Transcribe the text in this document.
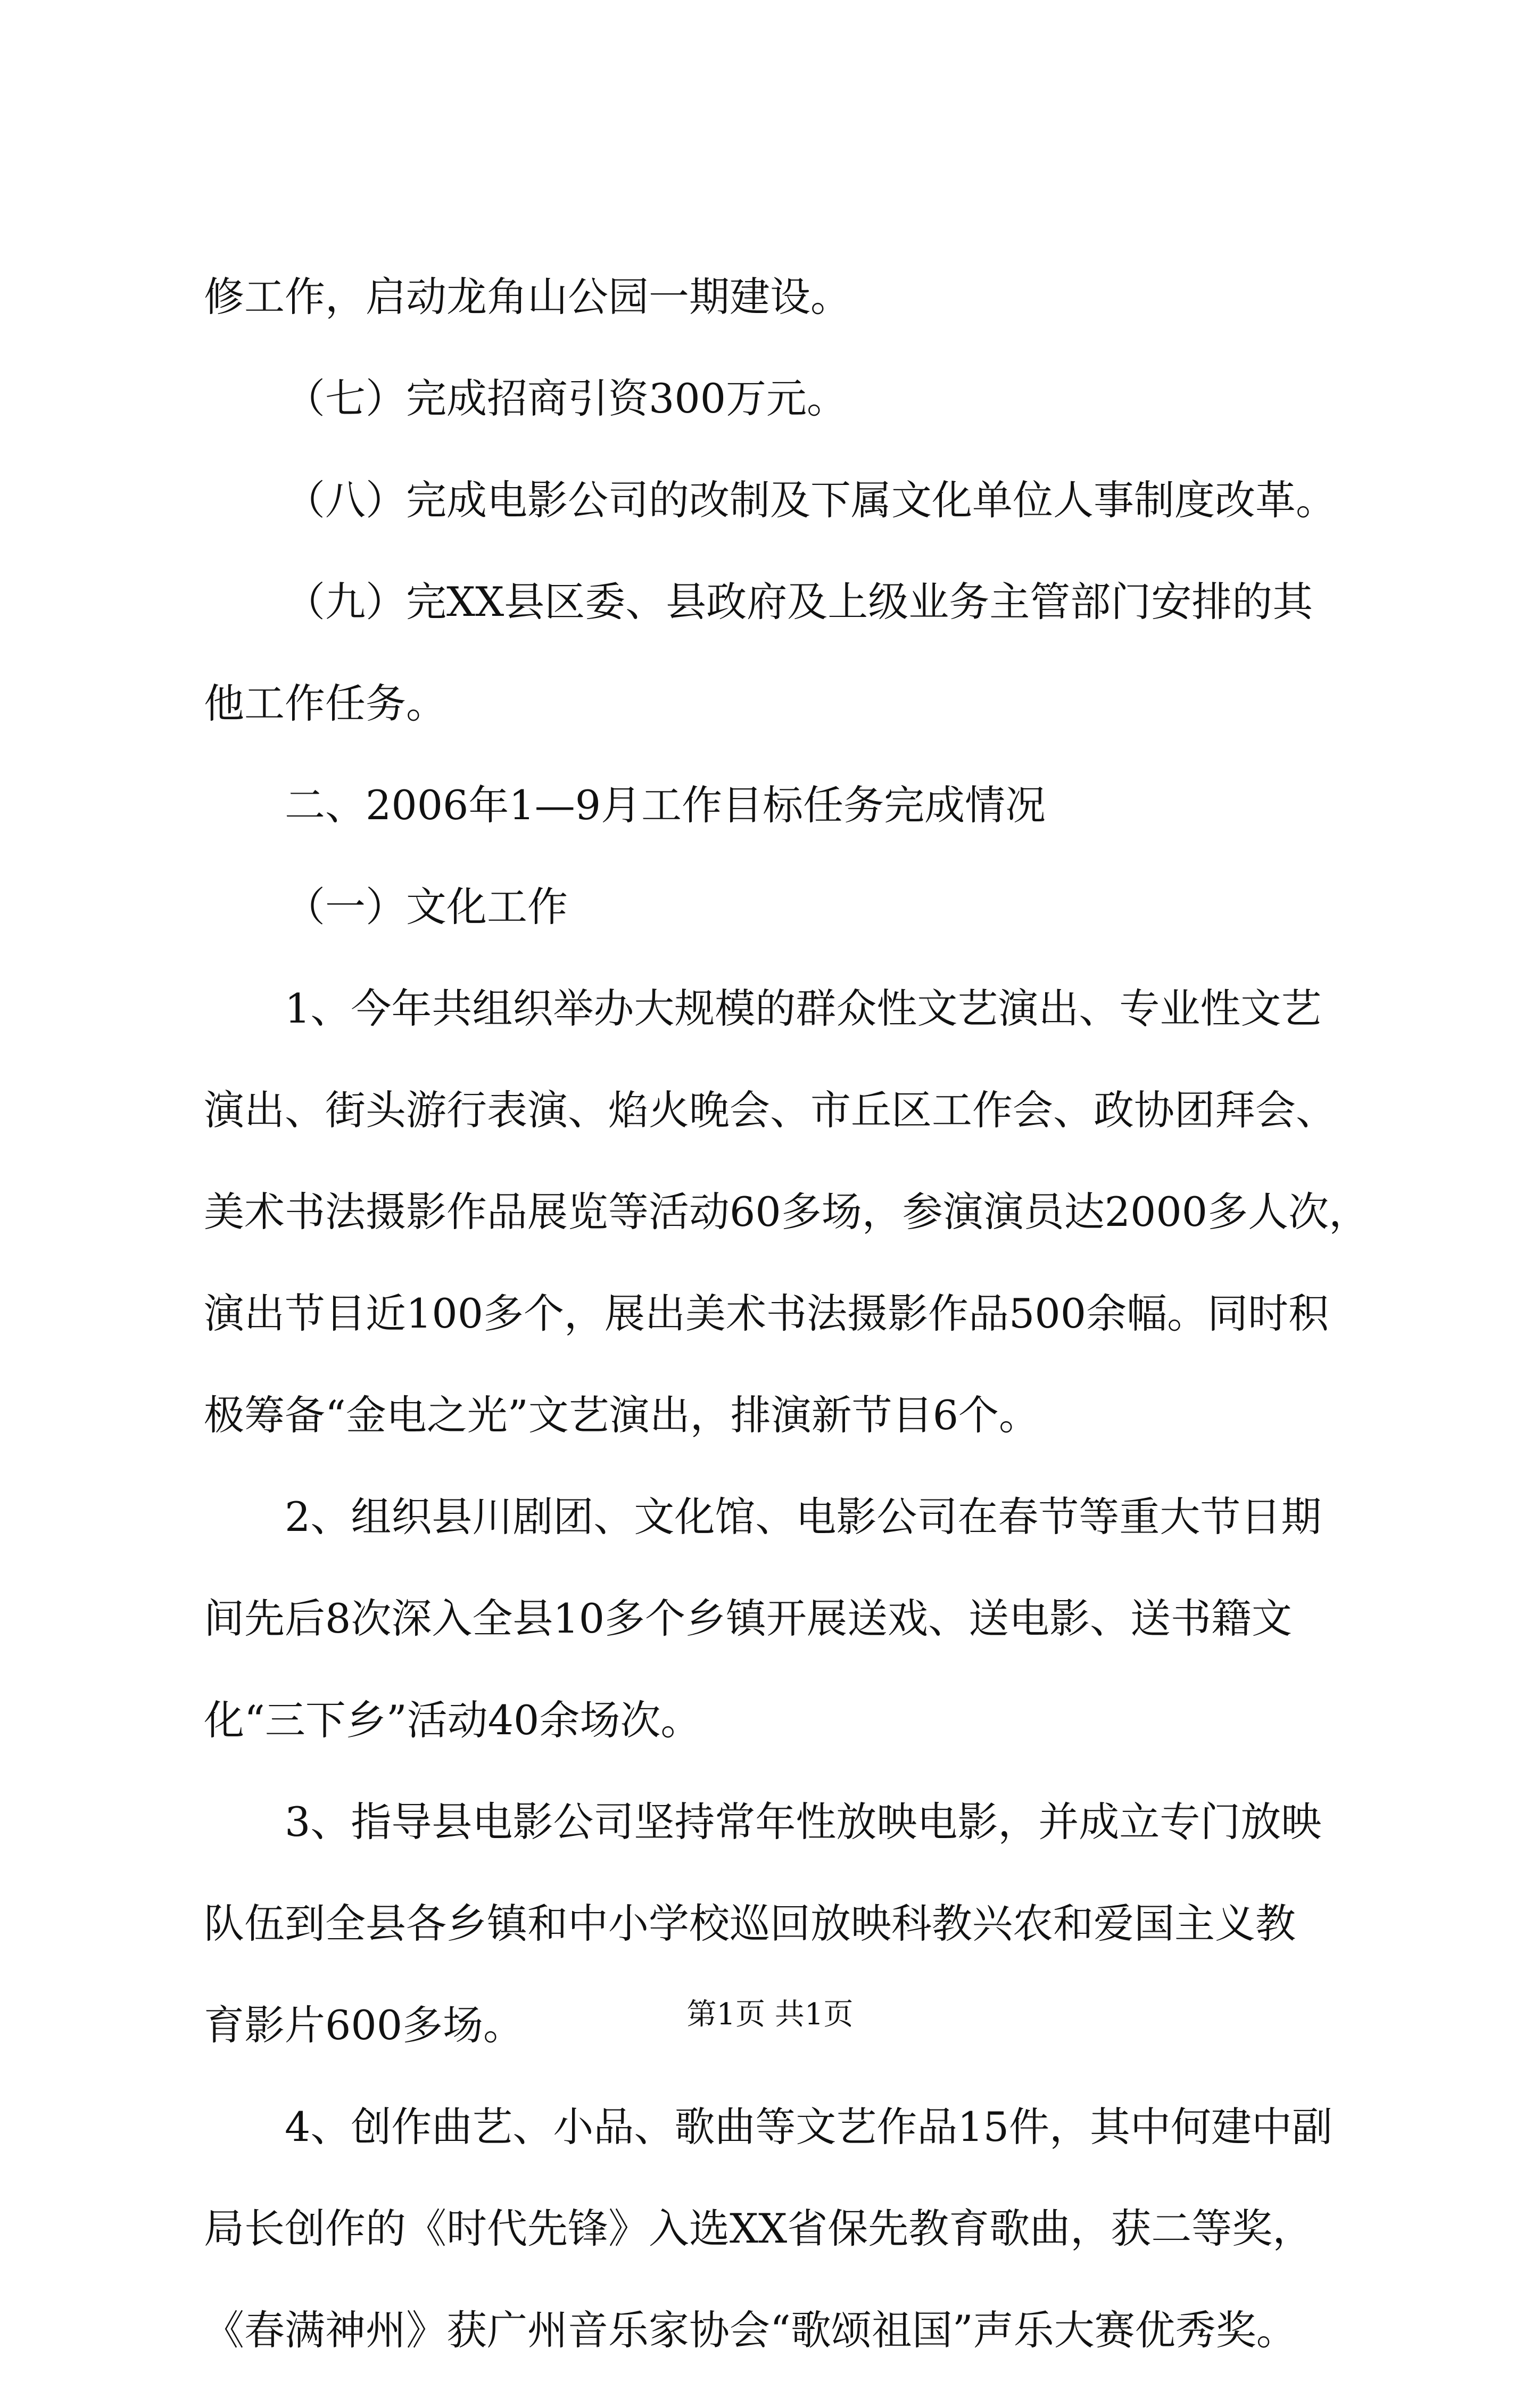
修工作，启动龙角山公园一期建设。
（七）完成招商引资300万元。
（八）完成电影公司的改制及下属文化单位人事制度改革。
（九）完XX县区委、县政府及上级业务主管部门安排的其
他工作任务。
二、2006年1—9月工作目标任务完成情况
（一）文化工作
1、今年共组织举办大规模的群众性文艺演出、专业性文艺
演出、街头游行表演、焰火晚会、市丘区工作会、政协团拜会、
美术书法摄影作品展览等活动60多场，参演演员达2000多人次，
演出节目近100多个，展出美术书法摄影作品500余幅。同时积
极筹备“金电之光”文艺演出，排演新节目6个。
2、组织县川剧团、文化馆、电影公司在春节等重大节日期
间先后8次深入全县10多个乡镇开展送戏、送电影、送书籍文
化“三下乡”活动40余场次。
3、指导县电影公司坚持常年性放映电影，并成立专门放映
队伍到全县各乡镇和中小学校巡回放映科教兴农和爱国主义教
育影片600多场。
4、创作曲艺、小品、歌曲等文艺作品15件，其中何建中副
局长创作的《时代先锋》入选XX省保先教育歌曲，获二等奖，
《春满神州》获广州音乐家协会“歌颂祖国”声乐大赛优秀奖。
第1页 共1页
